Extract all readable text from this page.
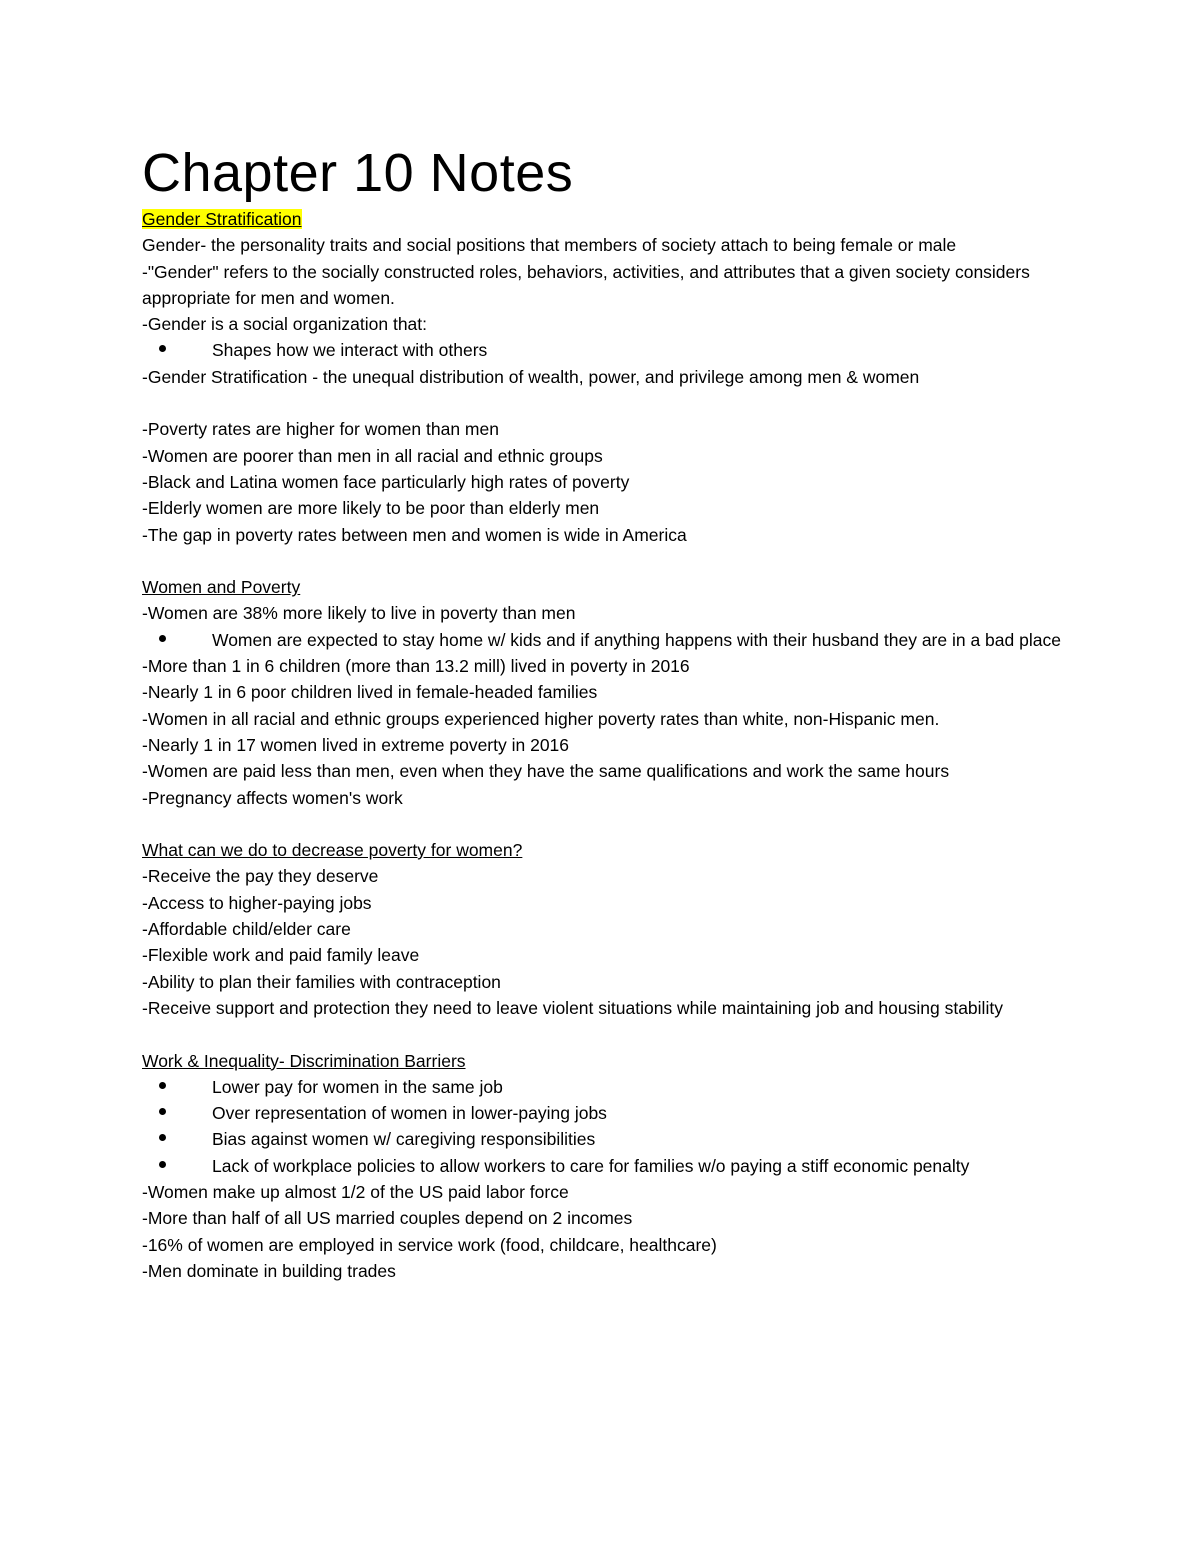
Chapter 10 Notes

Gender Stratification

Gender- the personality traits and social positions that members of society attach to being female or male

-"Gender" refers to the socially constructed roles, behaviors, activities, and attributes that a given society considers appropriate for men and women.

-Gender is a social organization that:

Shapes how we interact with others

-Gender Stratification - the unequal distribution of wealth, power, and privilege among men & women

-Poverty rates are higher for women than men

-Women are poorer than men in all racial and ethnic groups

-Black and Latina women face particularly high rates of poverty

-Elderly women are more likely to be poor than elderly men

-The gap in poverty rates between men and women is wide in America

Women and Poverty

-Women are 38% more likely to live in poverty than men

Women are expected to stay home w/ kids and if anything happens with their husband they are in a bad place

-More than 1 in 6 children (more than 13.2 mill) lived in poverty in 2016

-Nearly 1 in 6 poor children lived in female-headed families

-Women in all racial and ethnic groups experienced higher poverty rates than white, non-Hispanic men.

-Nearly 1 in 17 women lived in extreme poverty in 2016

-Women are paid less than men, even when they have the same qualifications and work the same hours

-Pregnancy affects women's work

What can we do to decrease poverty for women?

-Receive the pay they deserve

-Access to higher-paying jobs

-Affordable child/elder care

-Flexible work and paid family leave

-Ability to plan their families with contraception

-Receive support and protection they need to leave violent situations while maintaining job and housing stability

Work & Inequality- Discrimination Barriers

Lower pay for women in the same job
Over representation of women in lower-paying jobs
Bias against women w/ caregiving responsibilities
Lack of workplace policies to allow workers to care for families w/o paying a stiff economic penalty

-Women make up almost 1/2 of the US paid labor force

-More than half of all US married couples depend on 2 incomes

-16% of women are employed in service work (food, childcare, healthcare)

-Men dominate in building trades
